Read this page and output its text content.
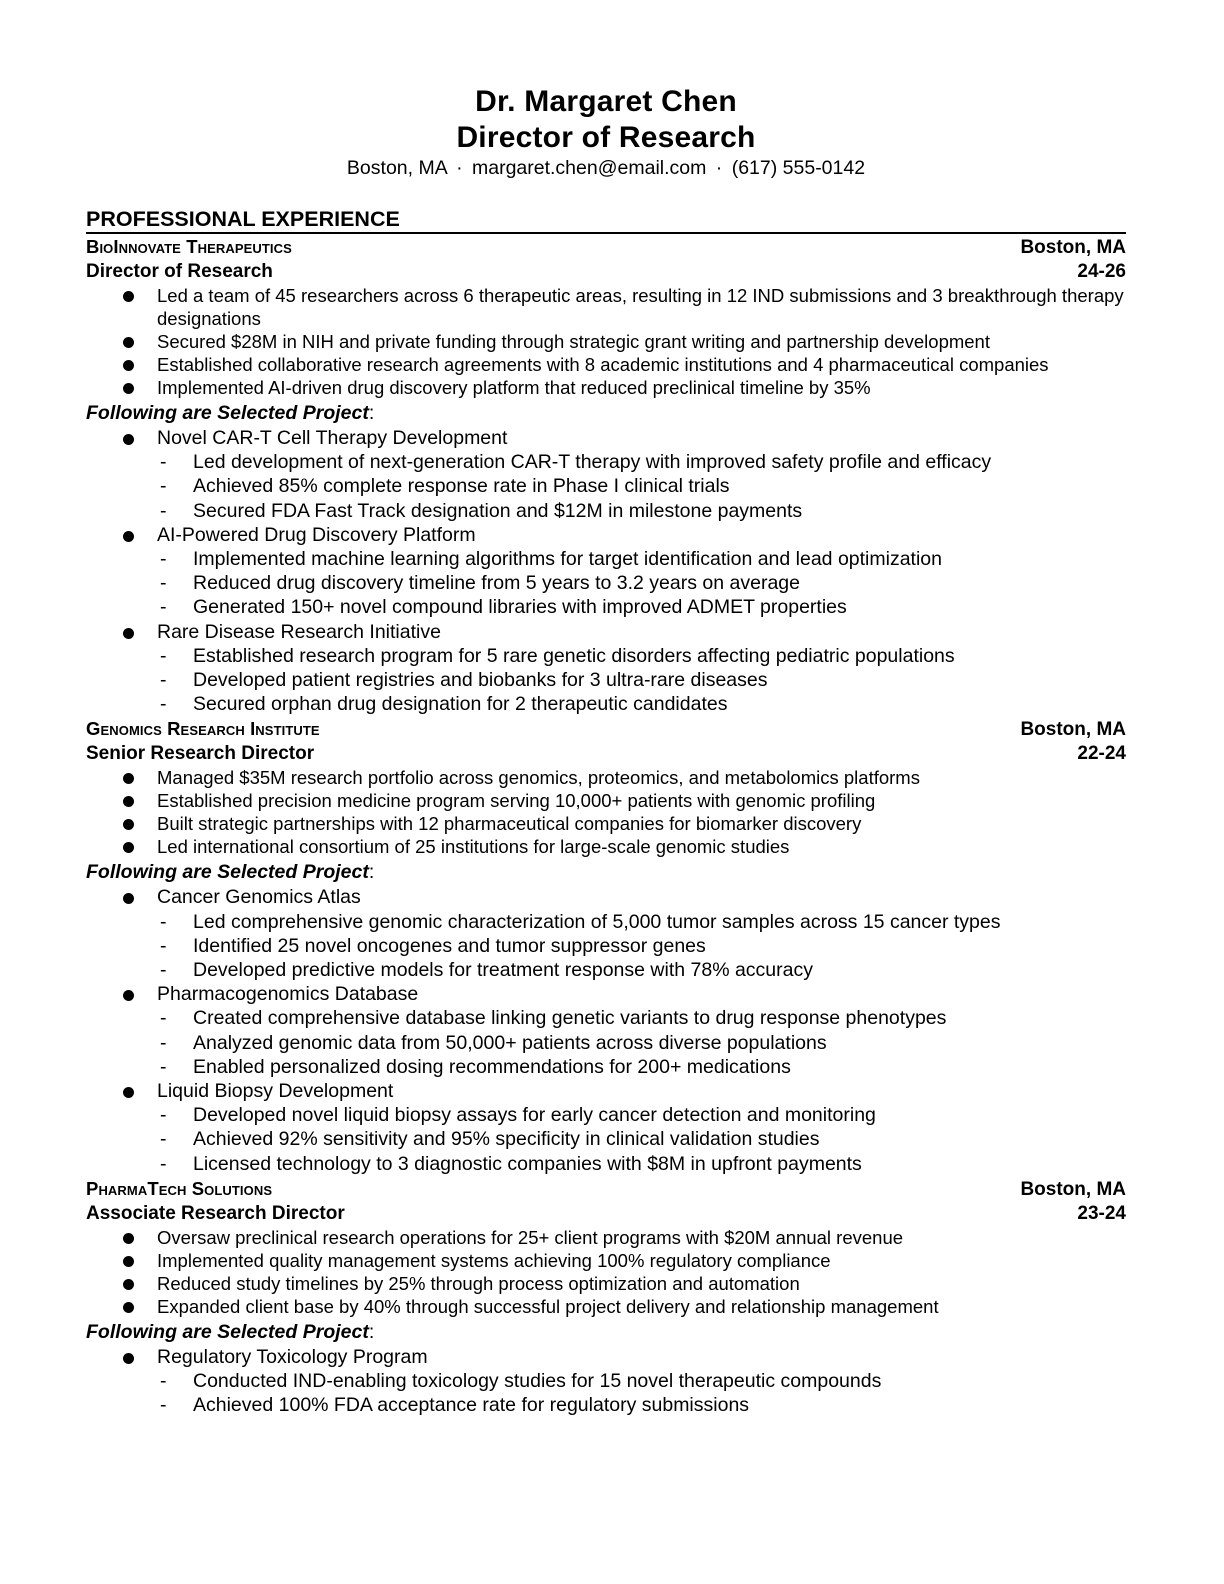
Dr. Margaret Chen
Director of Research
Boston, MA · margaret.chen@email.com · (617) 555-0142
PROFESSIONAL EXPERIENCE
BioInnovate Therapeutics	Boston, MA
Director of Research	24-26
Led a team of 45 researchers across 6 therapeutic areas, resulting in 12 IND submissions and 3 breakthrough therapy designations
Secured $28M in NIH and private funding through strategic grant writing and partnership development
Established collaborative research agreements with 8 academic institutions and 4 pharmaceutical companies
Implemented AI-driven drug discovery platform that reduced preclinical timeline by 35%
Following are Selected Project:
Novel CAR-T Cell Therapy Development
- Led development of next-generation CAR-T therapy with improved safety profile and efficacy
- Achieved 85% complete response rate in Phase I clinical trials
- Secured FDA Fast Track designation and $12M in milestone payments
AI-Powered Drug Discovery Platform
- Implemented machine learning algorithms for target identification and lead optimization
- Reduced drug discovery timeline from 5 years to 3.2 years on average
- Generated 150+ novel compound libraries with improved ADMET properties
Rare Disease Research Initiative
- Established research program for 5 rare genetic disorders affecting pediatric populations
- Developed patient registries and biobanks for 3 ultra-rare diseases
- Secured orphan drug designation for 2 therapeutic candidates
Genomics Research Institute	Boston, MA
Senior Research Director	22-24
Managed $35M research portfolio across genomics, proteomics, and metabolomics platforms
Established precision medicine program serving 10,000+ patients with genomic profiling
Built strategic partnerships with 12 pharmaceutical companies for biomarker discovery
Led international consortium of 25 institutions for large-scale genomic studies
Following are Selected Project:
Cancer Genomics Atlas
- Led comprehensive genomic characterization of 5,000 tumor samples across 15 cancer types
- Identified 25 novel oncogenes and tumor suppressor genes
- Developed predictive models for treatment response with 78% accuracy
Pharmacogenomics Database
- Created comprehensive database linking genetic variants to drug response phenotypes
- Analyzed genomic data from 50,000+ patients across diverse populations
- Enabled personalized dosing recommendations for 200+ medications
Liquid Biopsy Development
- Developed novel liquid biopsy assays for early cancer detection and monitoring
- Achieved 92% sensitivity and 95% specificity in clinical validation studies
- Licensed technology to 3 diagnostic companies with $8M in upfront payments
PharmaTech Solutions	Boston, MA
Associate Research Director	23-24
Oversaw preclinical research operations for 25+ client programs with $20M annual revenue
Implemented quality management systems achieving 100% regulatory compliance
Reduced study timelines by 25% through process optimization and automation
Expanded client base by 40% through successful project delivery and relationship management
Following are Selected Project:
Regulatory Toxicology Program
- Conducted IND-enabling toxicology studies for 15 novel therapeutic compounds
- Achieved 100% FDA acceptance rate for regulatory submissions
